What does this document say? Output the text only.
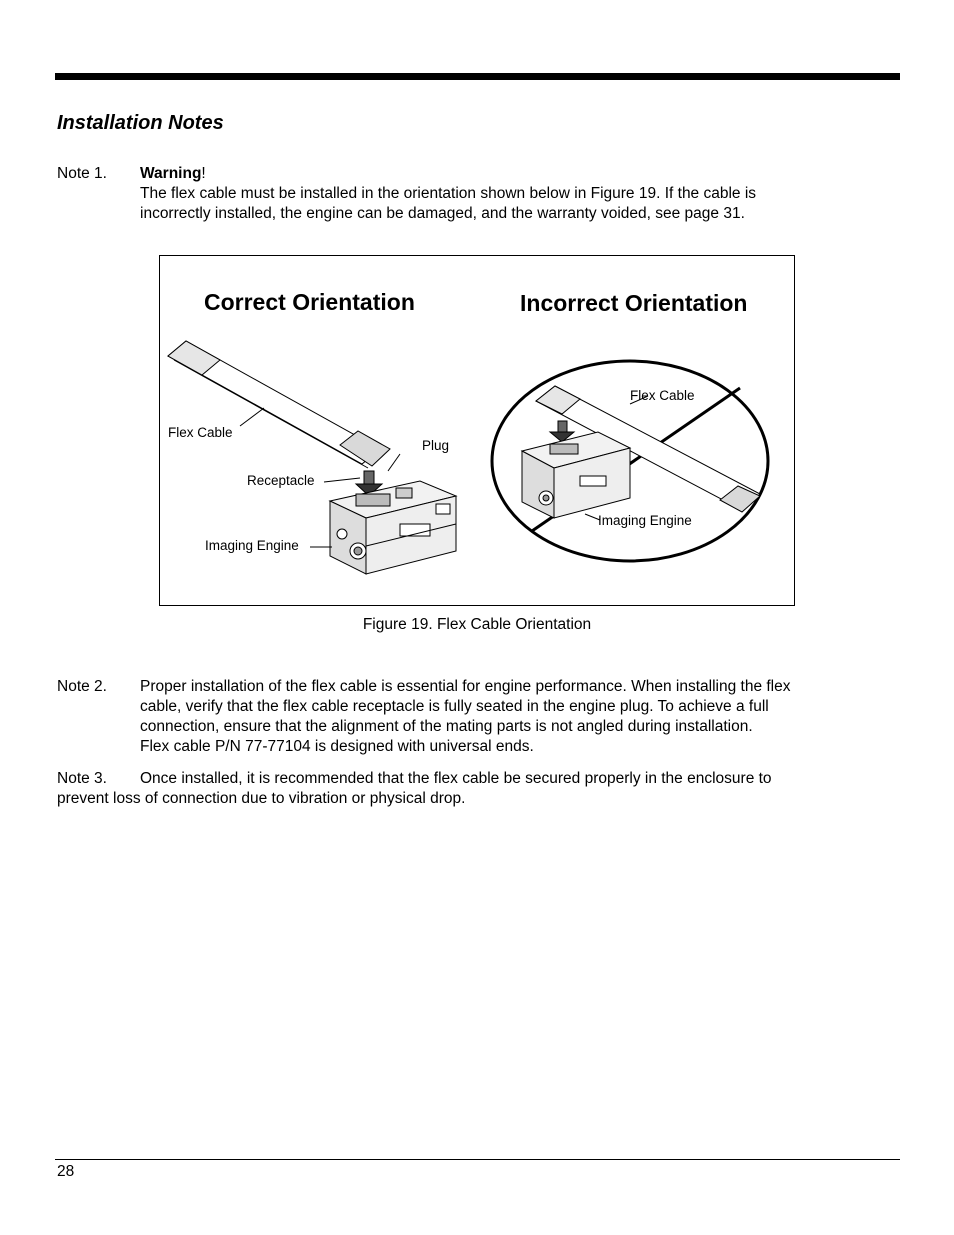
Installation Notes
Note 1. Warning!
The flex cable must be installed in the orientation shown below in Figure 19. If the cable is
incorrectly installed, the engine can be damaged, and the warranty voided, see page 31.
Correct Orientation	Incorrect Orientation
Flex Cable
Plug
Receptacle
Imaging Engine
Flex Cable
Imaging Engine
Figure 19. Flex Cable Orientation
Note 2. Proper installation of the flex cable is essential for engine performance. When installing the flex
cable, verify that the flex cable receptacle is fully seated in the engine plug. To achieve a full
connection, ensure that the alignment of the mating parts is not angled during installation.
Flex cable P/N 77-77104 is designed with universal ends.
Note 3. Once installed, it is recommended that the flex cable be secured properly in the enclosure to
prevent loss of connection due to vibration or physical drop.
28
